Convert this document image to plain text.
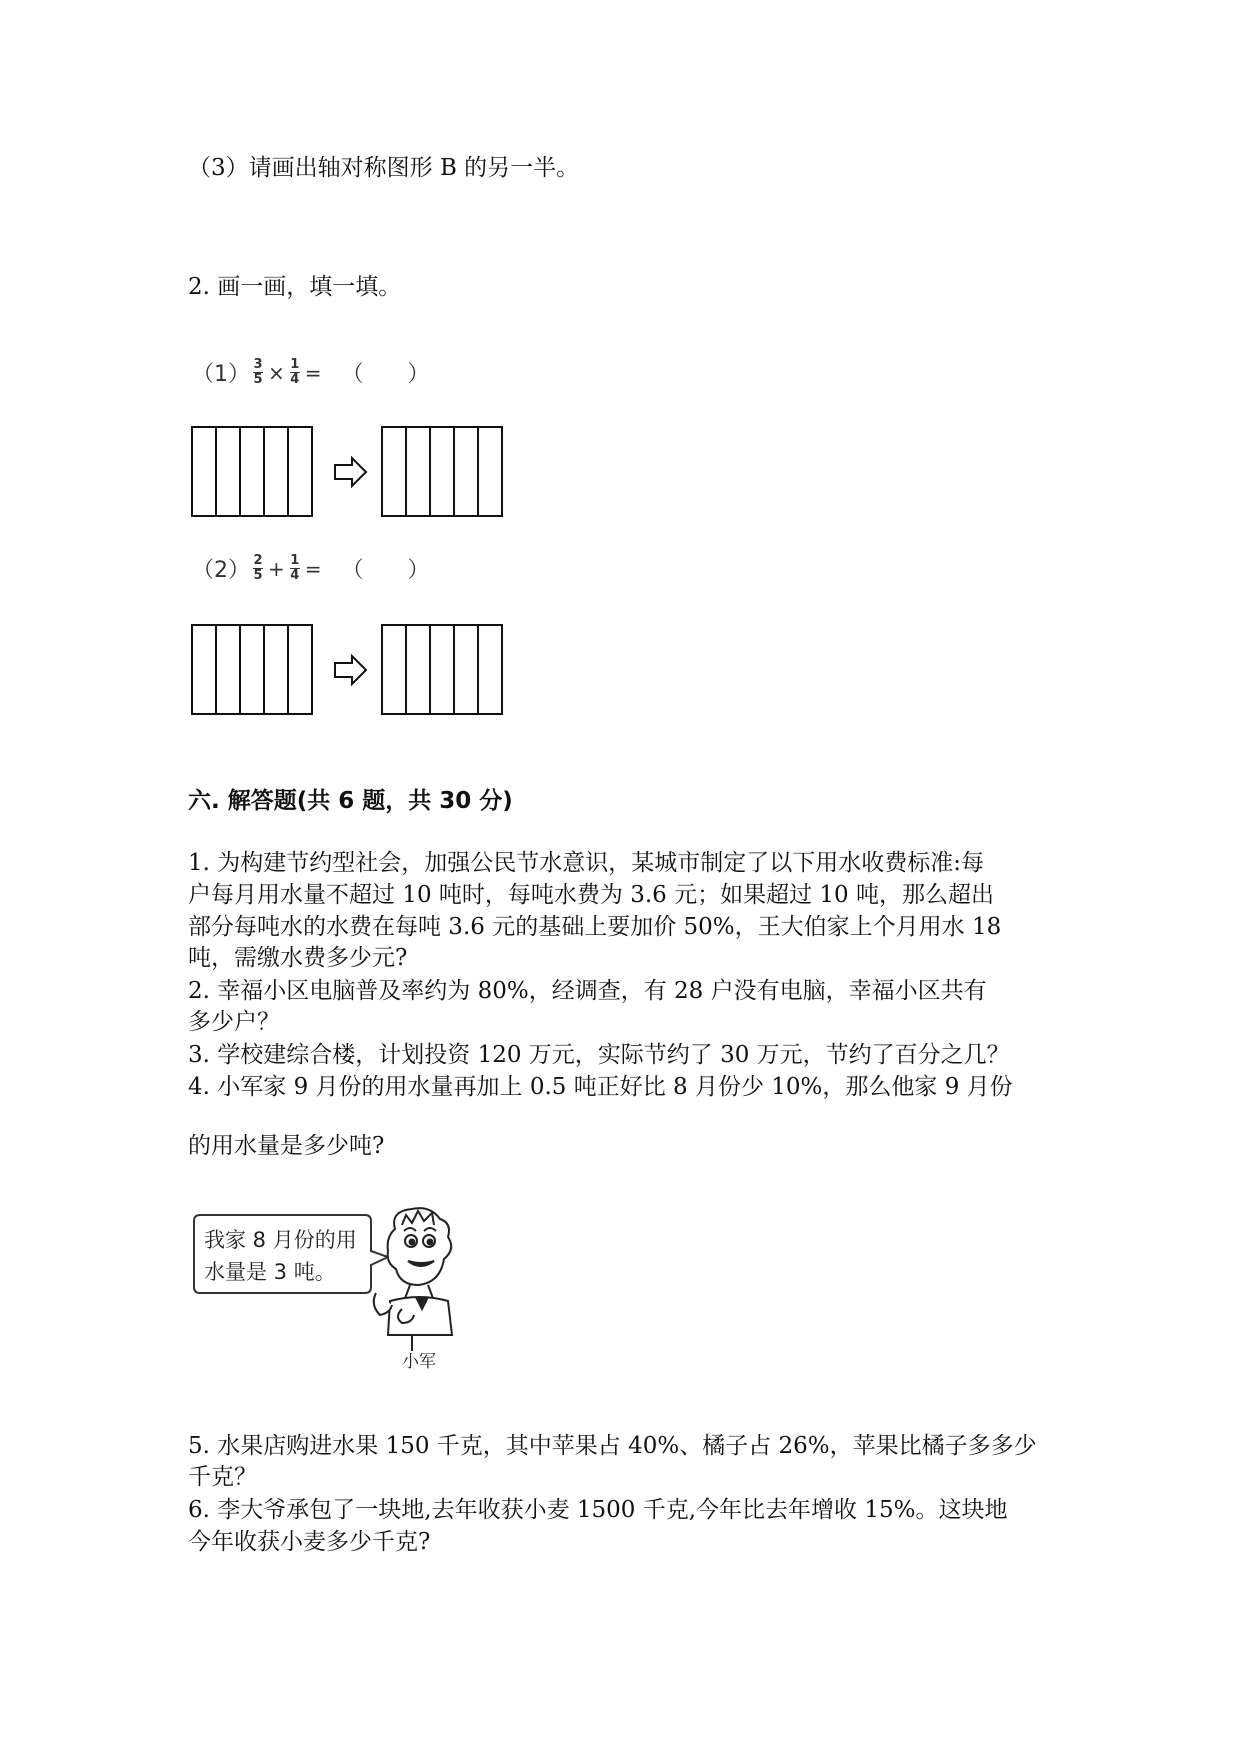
（3）请画出轴对称图形 B 的另一半。
2. 画一画，填一填。
$(1) \frac{3}{5} \times \frac{1}{4}$ = （　　）
$(2) \frac{2}{5} + \frac{1}{4}$ = （　　）
六. 解答题(共 6 题，共 30 分)
1. 为构建节约型社会，加强公民节水意识，某城市制定了以下用水收费标准:每
户每月用水量不超过 10 吨时，每吨水费为 3.6 元；如果超过 10 吨，那么超出
部分每吨水的水费在每吨 3.6 元的基础上要加价 50%，王大伯家上个月用水 18
吨，需缴水费多少元?
2. 幸福小区电脑普及率约为 80%，经调查，有 28 户没有电脑，幸福小区共有
多少户？
3. 学校建综合楼，计划投资 120 万元，实际节约了 30 万元，节约了百分之几？
4. 小军家 9 月份的用水量再加上 0.5 吨正好比 8 月份少 10%，那么他家 9 月份
的用水量是多少吨?
我家 8 月份的用
水量是 3 吨。
小军
5. 水果店购进水果 150 千克，其中苹果占 40%、橘子占 26%，苹果比橘子多多少
千克？
6. 李大爷承包了一块地,去年收获小麦 1500 千克,今年比去年增收 15%。这块地
今年收获小麦多少千克?
